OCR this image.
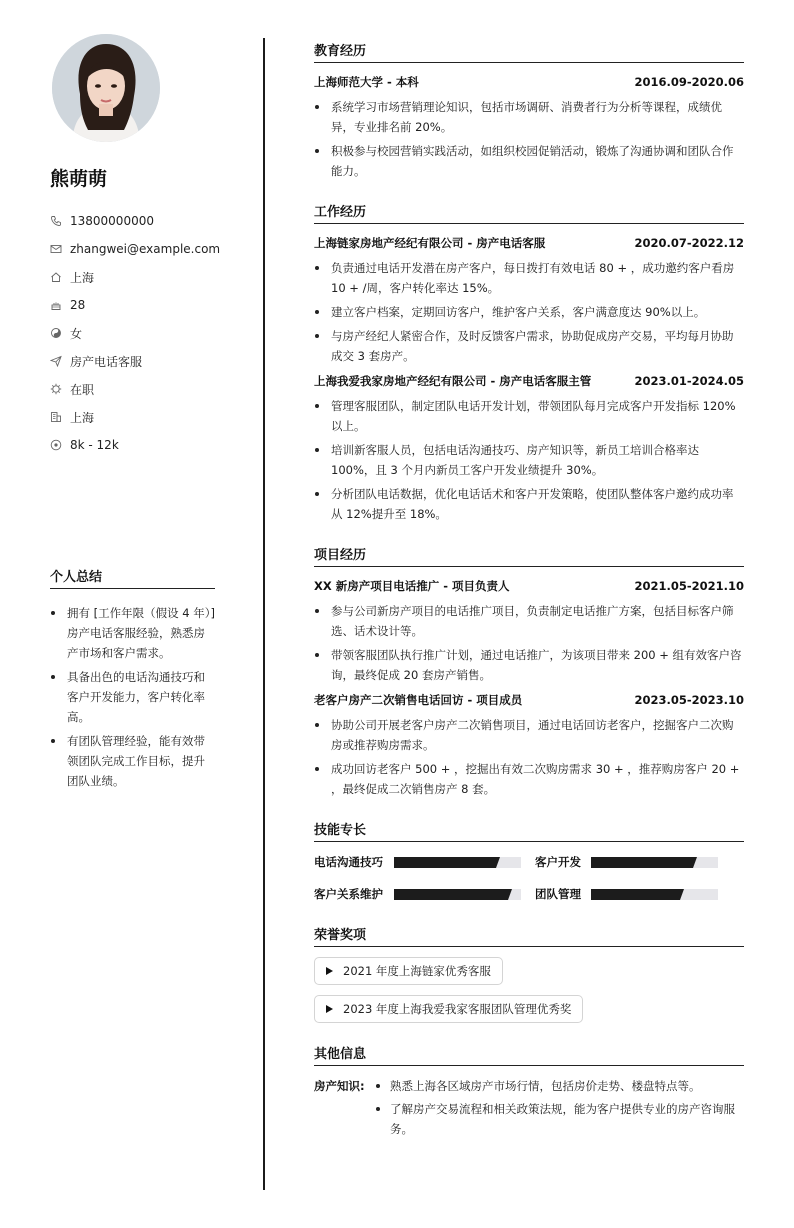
熊萌萌
13800000000
zhangwei@example.com
上海
28
女
房产电话客服
在职
上海
8k - 12k
个人总结
拥有 [工作年限（假设 4 年）] 房产电话客服经验，熟悉房产市场和客户需求。
具备出色的电话沟通技巧和客户开发能力，客户转化率高。
有团队管理经验，能有效带领团队完成工作目标，提升团队业绩。
教育经历
上海师范大学 - 本科	2016.09-2020.06
系统学习市场营销理论知识，包括市场调研、消费者行为分析等课程，成绩优异，专业排名前 20%。
积极参与校园营销实践活动，如组织校园促销活动，锻炼了沟通协调和团队合作能力。
工作经历
上海链家房地产经纪有限公司 - 房产电话客服	2020.07-2022.12
负责通过电话开发潜在房产客户，每日拨打有效电话 80 + ，成功邀约客户看房 10 + /周，客户转化率达 15%。
建立客户档案，定期回访客户，维护客户关系，客户满意度达 90%以上。
与房产经纪人紧密合作，及时反馈客户需求，协助促成房产交易，平均每月协助成交 3 套房产。
上海我爱我家房地产经纪有限公司 - 房产电话客服主管	2023.01-2024.05
管理客服团队，制定团队电话开发计划，带领团队每月完成客户开发指标 120%以上。
培训新客服人员，包括电话沟通技巧、房产知识等，新员工培训合格率达 100%，且 3 个月内新员工客户开发业绩提升 30%。
分析团队电话数据，优化电话话术和客户开发策略，使团队整体客户邀约成功率从 12%提升至 18%。
项目经历
XX 新房产项目电话推广 - 项目负责人	2021.05-2021.10
参与公司新房产项目的电话推广项目，负责制定电话推广方案，包括目标客户筛选、话术设计等。
带领客服团队执行推广计划，通过电话推广，为该项目带来 200 + 组有效客户咨询，最终促成 20 套房产销售。
老客户房产二次销售电话回访 - 项目成员	2023.05-2023.10
协助公司开展老客户房产二次销售项目，通过电话回访老客户，挖掘客户二次购房或推荐购房需求。
成功回访老客户 500 + ，挖掘出有效二次购房需求 30 + ，推荐购房客户 20 + ，最终促成二次销售房产 8 套。
技能专长
电话沟通技巧	客户开发
客户关系维护	团队管理
荣誉奖项
2021 年度上海链家优秀客服
2023 年度上海我爱我家客服团队管理优秀奖
其他信息
房产知识:	熟悉上海各区域房产市场行情，包括房价走势、楼盘特点等。
了解房产交易流程和相关政策法规，能为客户提供专业的房产咨询服务。
